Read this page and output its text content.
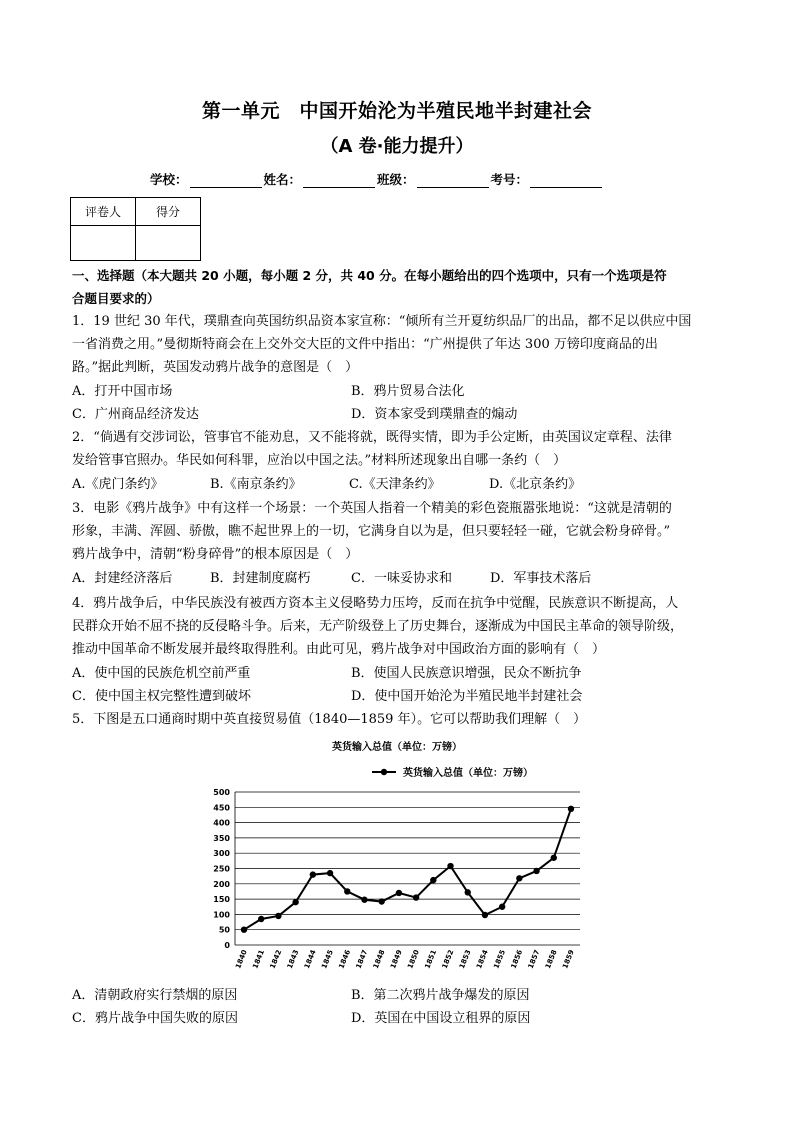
第一单元　中国开始沦为半殖民地半封建社会
（A 卷·能力提升）
学校：	姓名：	班级：	考号：
评卷人	得分

一、选择题（本大题共 20 小题，每小题 2 分，共 40 分。在每小题给出的四个选项中，只有一个选项是符
合题目要求的）
1．19 世纪 30 年代，璞鼎查向英国纺织品资本家宣称：“倾所有兰开夏纺织品厂的出品，都不足以供应中国
一省消费之用。”曼彻斯特商会在上交外交大臣的文件中指出：“广州提供了年达 300 万镑印度商品的出
路。”据此判断，英国发动鸦片战争的意图是（　）
A．打开中国市场	B．鸦片贸易合法化
C．广州商品经济发达	D．资本家受到璞鼎查的煽动
2．“倘遇有交涉词讼，管事官不能劝息，又不能将就，既得实情，即为手公定断，由英国议定章程、法律
发给管事官照办。华民如何科罪，应治以中国之法。”材料所述现象出自哪一条约（　）
A.《虎门条约》	B.《南京条约》	C.《天津条约》	D.《北京条约》
3．电影《鸦片战争》中有这样一个场景：一个英国人指着一个精美的彩色瓷瓶嚣张地说：“这就是清朝的
形象，丰满、浑圆、骄傲，瞧不起世界上的一切，它满身自以为是，但只要轻轻一碰，它就会粉身碎骨。”
鸦片战争中，清朝“粉身碎骨”的根本原因是（　）
A．封建经济落后	B．封建制度腐朽	C．一味妥协求和	D．军事技术落后
4．鸦片战争后，中华民族没有被西方资本主义侵略势力压垮，反而在抗争中觉醒，民族意识不断提高，人
民群众开始不屈不挠的反侵略斗争。后来，无产阶级登上了历史舞台，逐渐成为中国民主革命的领导阶级，
推动中国革命不断发展并最终取得胜利。由此可见，鸦片战争对中国政治方面的影响有（　）
A．使中国的民族危机空前严重	B．使国人民族意识增强，民众不断抗争
C．使中国主权完整性遭到破坏	D．使中国开始沦为半殖民地半封建社会
5．下图是五口通商时期中英直接贸易值（1840—1859 年）。它可以帮助我们理解（　）
英货输入总值（单位：万镑）
英货输入总值（单位：万镑）
0
50
100
150
200
250
300
350
400
450
500
1840 1841 1842 1843 1844 1845 1846 1847 1848 1849 1850 1851 1852 1853 1854 1855 1856 1857 1858 1859
A．清朝政府实行禁烟的原因	B．第二次鸦片战争爆发的原因
C．鸦片战争中国失败的原因	D．英国在中国设立租界的原因
